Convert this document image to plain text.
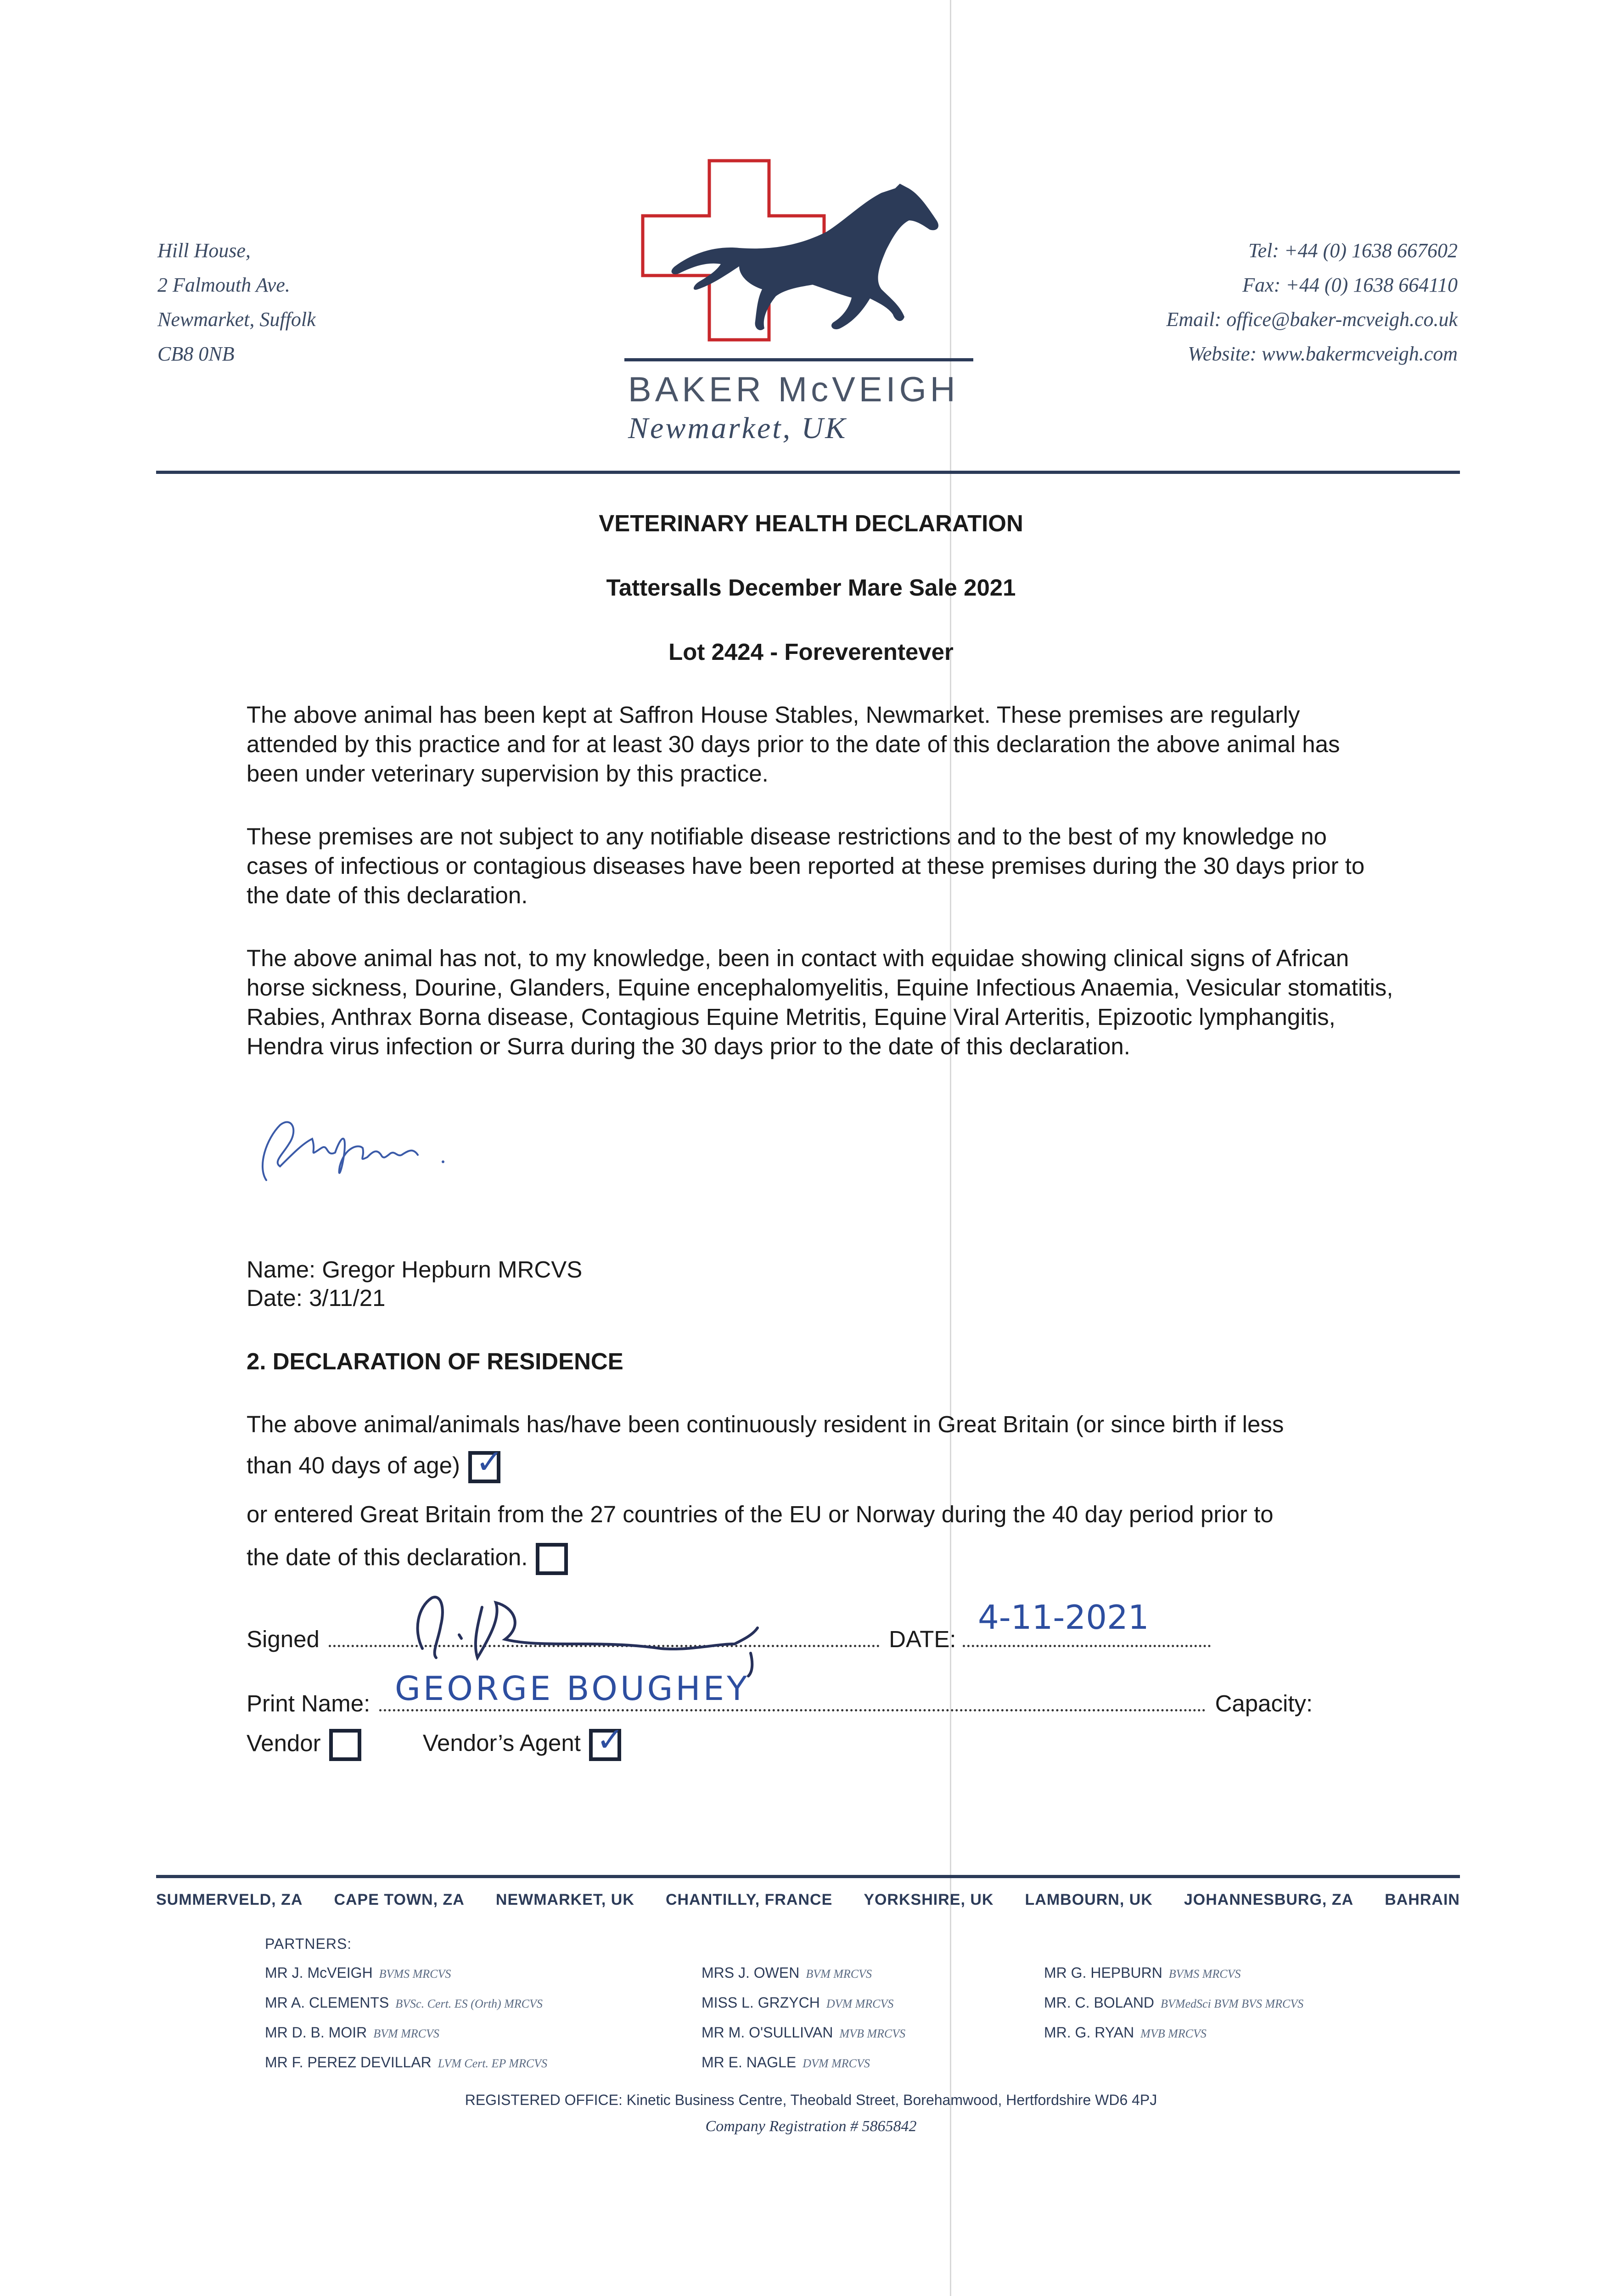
Hill House,
2 Falmouth Ave.
Newmarket, Suffolk
CB8 0NB
BAKER McVEIGH
Newmarket, UK
Tel: +44 (0) 1638 667602
Fax: +44 (0) 1638 664110
Email: office@baker-mcveigh.co.uk
Website: www.bakermcveigh.com
VETERINARY HEALTH DECLARATION
Tattersalls December Mare Sale 2021
Lot 2424 - Foreverentever
The above animal has been kept at Saffron House Stables, Newmarket. These premises are regularly attended by this practice and for at least 30 days prior to the date of this declaration the above animal has been under veterinary supervision by this practice.
These premises are not subject to any notifiable disease restrictions and to the best of my knowledge no cases of infectious or contagious diseases have been reported at these premises during the 30 days prior to the date of this declaration.
The above animal has not, to my knowledge, been in contact with equidae showing clinical signs of African horse sickness, Dourine, Glanders, Equine encephalomyelitis, Equine Infectious Anaemia, Vesicular stomatitis, Rabies, Anthrax Borna disease, Contagious Equine Metritis, Equine Viral Arteritis, Epizootic lymphangitis, Hendra virus infection or Surra during the 30 days prior to the date of this declaration.
Name: Gregor Hepburn MRCVS
Date: 3/11/21
2. DECLARATION OF RESIDENCE
The above animal/animals has/have been continuously resident in Great Britain (or since birth if less
than 40 days of age) ✓
or entered Great Britain from the 27 countries of the EU or Norway during the 40 day period prior to
the date of this declaration.
Signed	DATE:
4-11-2021
Print Name:	Capacity:
GEORGE BOUGHEY
Vendor	Vendor’s Agent ✓
SUMMERVELD, ZA CAPE TOWN, ZA NEWMARKET, UK CHANTILLY, FRANCE YORKSHIRE, UK LAMBOURN, UK JOHANNESBURG, ZA BAHRAIN
PARTNERS:
MR J. McVEIGH BVMS MRCVS
MR A. CLEMENTS BVSc. Cert. ES (Orth) MRCVS
MR D. B. MOIR BVM MRCVS
MR F. PEREZ DEVILLAR LVM Cert. EP MRCVS
MRS J. OWEN BVM MRCVS
MISS L. GRZYCH DVM MRCVS
MR M. O'SULLIVAN MVB MRCVS
MR E. NAGLE DVM MRCVS
MR G. HEPBURN BVMS MRCVS
MR. C. BOLAND BVMedSci BVM BVS MRCVS
MR. G. RYAN MVB MRCVS
REGISTERED OFFICE: Kinetic Business Centre, Theobald Street, Borehamwood, Hertfordshire WD6 4PJ
Company Registration # 5865842
